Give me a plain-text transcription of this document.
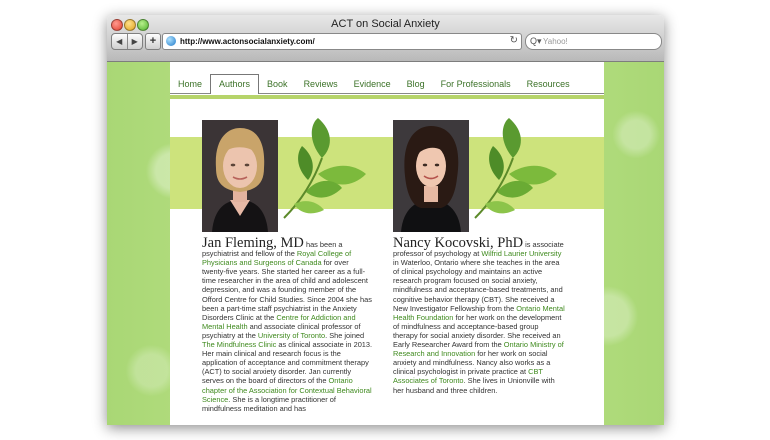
ACT on Social Anxiety
◀	▶	+	http://www.actonsocialanxiety.com/	↻ Q▾ Yahoo!
Home	Authors	Book	Reviews	Evidence	Blog	For Professionals	Resources
Jan Fleming, MD has been a psychiatrist and fellow of the Royal College of Physicians and Surgeons of Canada for over twenty-five years. She started her career as a full-time researcher in the area of child and adolescent depression, and was a founding member of the Offord Centre for Child Studies. Since 2004 she has been a part-time staff psychiatrist in the Anxiety Disorders Clinic at the Centre for Addiction and Mental Health and associate clinical professor of psychiatry at the University of Toronto. She joined The Mindfulness Clinic as clinical associate in 2013. Her main clinical and research focus is the application of acceptance and commitment therapy (ACT) to social anxiety disorder. Jan currently serves on the board of directors of the Ontario chapter of the Association for Contextual Behavioral Science. She is a longtime practitioner of mindfulness meditation and has
Nancy Kocovski, PhD is associate professor of psychology at Wilfrid Laurier University in Waterloo, Ontario where she teaches in the area of clinical psychology and maintains an active research program focused on social anxiety, mindfulness and acceptance-based treatments, and cognitive behavior therapy (CBT). She received a New Investigator Fellowship from the Ontario Mental Health Foundation for her work on the development of mindfulness and acceptance-based group therapy for social anxiety disorder. She received an Early Researcher Award from the Ontario Ministry of Research and Innovation for her work on social anxiety and mindfulness. Nancy also works as a clinical psychologist in private practice at CBT Associates of Toronto. She lives in Unionville with her husband and three children.
